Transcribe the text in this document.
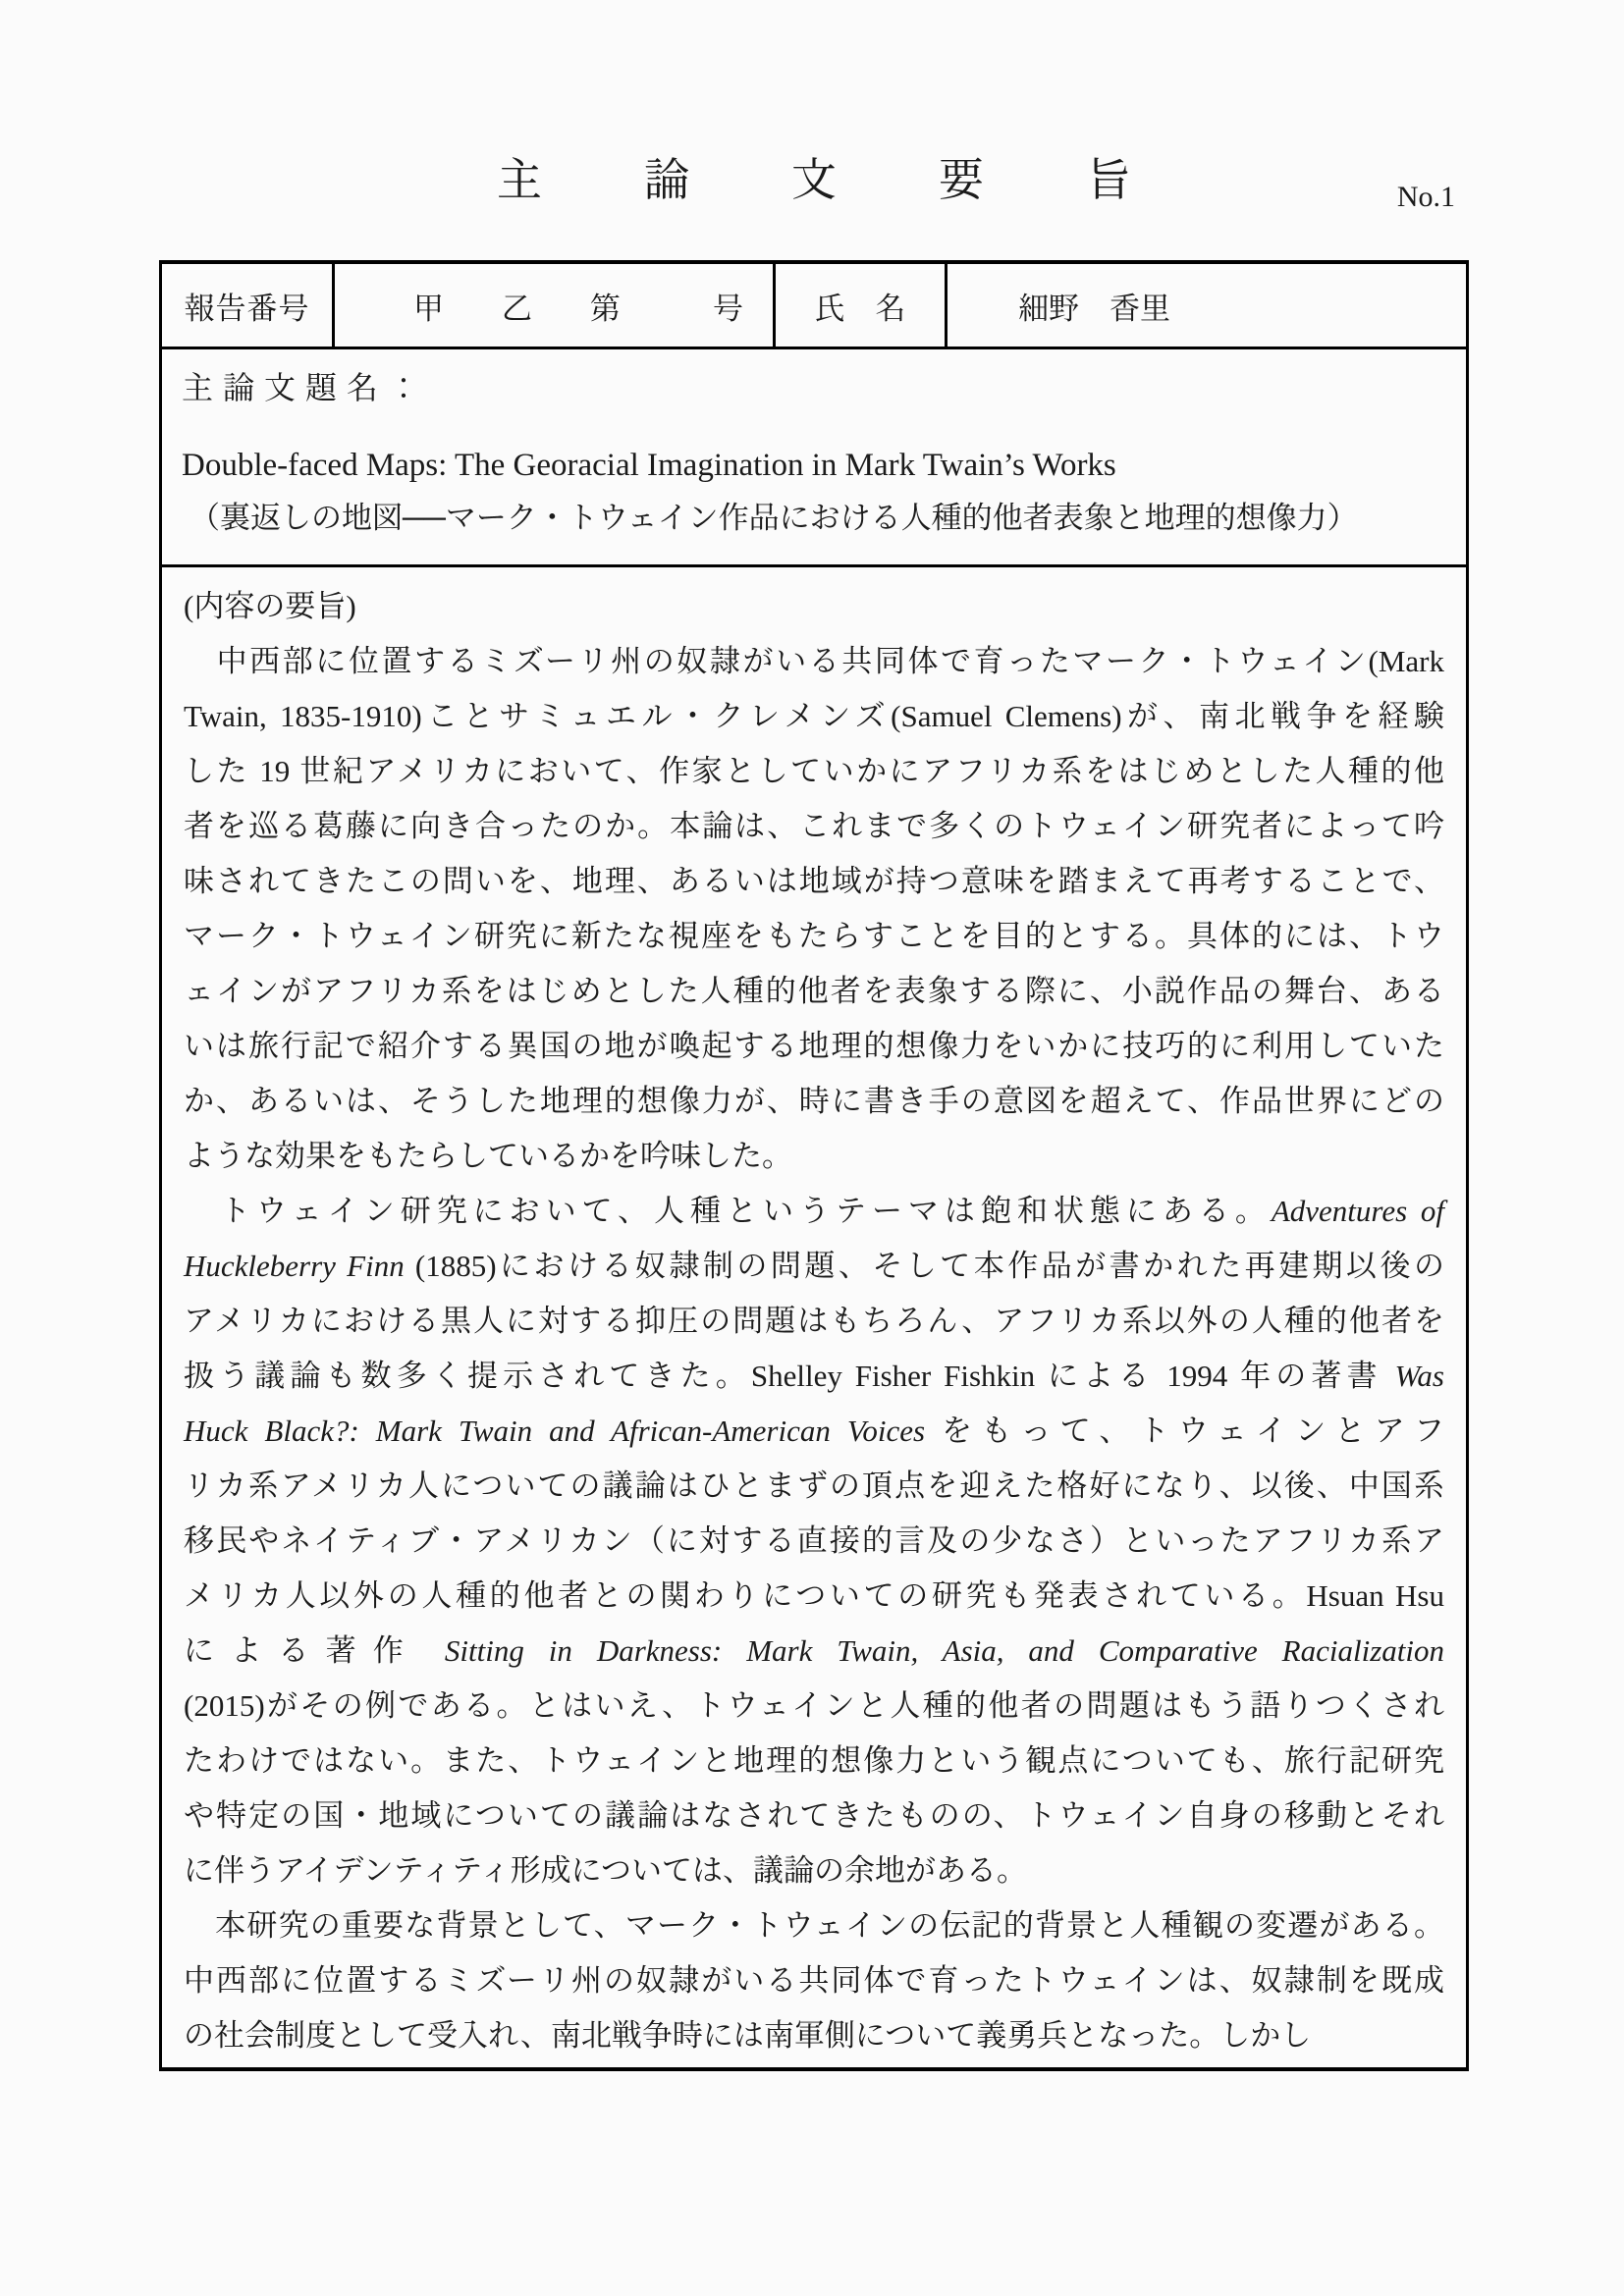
主論文要旨	No.1
報告番号	甲　乙　第	号	氏　名	細野　香里
主 論 文 題 名 ：
Double-faced Maps: The Georacial Imagination in Mark Twain’s Works
（裏返しの地図──マーク・トウェイン作品における人種的他者表象と地理的想像力）
(内容の要旨)
　中西部に位置するミズーリ州の奴隷がいる共同体で育ったマーク・トウェイン(Mark
Twain, 1835-1910)ことサミュエル・クレメンズ(Samuel Clemens)が、南北戦争を経験
した 19 世紀アメリカにおいて、作家としていかにアフリカ系をはじめとした人種的他
者を巡る葛藤に向き合ったのか。本論は、これまで多くのトウェイン研究者によって吟
味されてきたこの問いを、地理、あるいは地域が持つ意味を踏まえて再考することで、
マーク・トウェイン研究に新たな視座をもたらすことを目的とする。具体的には、トウ
ェインがアフリカ系をはじめとした人種的他者を表象する際に、小説作品の舞台、ある
いは旅行記で紹介する異国の地が喚起する地理的想像力をいかに技巧的に利用していた
か、あるいは、そうした地理的想像力が、時に書き手の意図を超えて、作品世界にどの
ような効果をもたらしているかを吟味した。
　トウェイン研究において、人種というテーマは飽和状態にある。Adventures of
Huckleberry Finn (1885)における奴隷制の問題、そして本作品が書かれた再建期以後の
アメリカにおける黒人に対する抑圧の問題はもちろん、アフリカ系以外の人種的他者を
扱う議論も数多く提示されてきた。Shelley Fisher Fishkin による 1994 年の著書 Was
Huck Black?: Mark Twain and African-American Voices をもって、トウェインとアフ
リカ系アメリカ人についての議論はひとまずの頂点を迎えた格好になり、以後、中国系
移民やネイティブ・アメリカン（に対する直接的言及の少なさ）といったアフリカ系ア
メリカ人以外の人種的他者との関わりについての研究も発表されている。Hsuan Hsu
による著作 Sitting in Darkness: Mark Twain, Asia, and Comparative Racialization
(2015)がその例である。とはいえ、トウェインと人種的他者の問題はもう語りつくされ
たわけではない。また、トウェインと地理的想像力という観点についても、旅行記研究
や特定の国・地域についての議論はなされてきたものの、トウェイン自身の移動とそれ
に伴うアイデンティティ形成については、議論の余地がある。
　本研究の重要な背景として、マーク・トウェインの伝記的背景と人種観の変遷がある。
中西部に位置するミズーリ州の奴隷がいる共同体で育ったトウェインは、奴隷制を既成
の社会制度として受入れ、南北戦争時には南軍側について義勇兵となった。しかし
